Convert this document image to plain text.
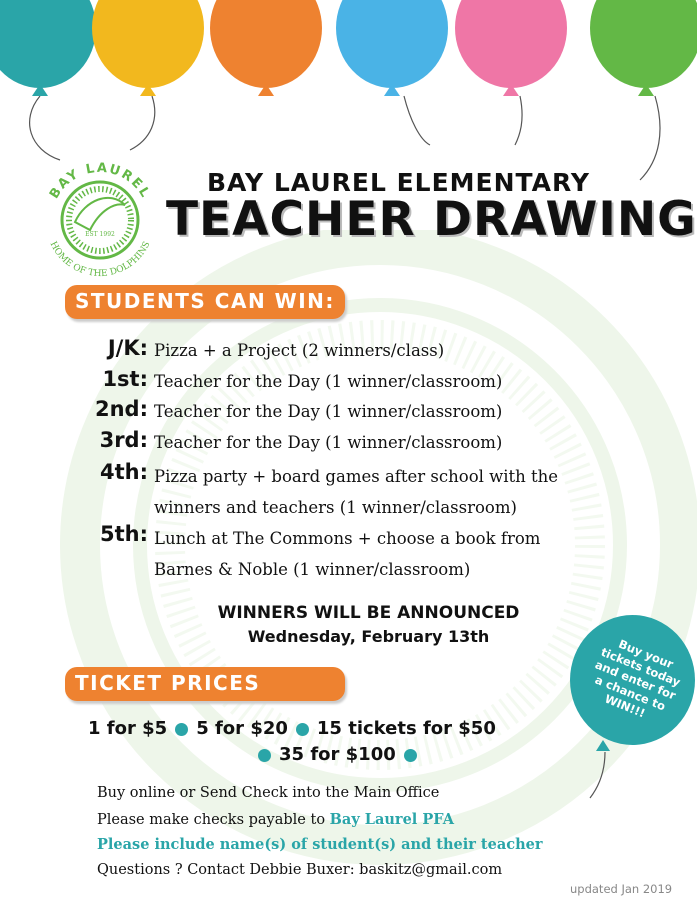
EST 1992
BAY LAUREL
HOME OF THE DOLPHINS
BAY LAUREL ELEMENTARY
TEACHER DRAWING
STUDENTS CAN WIN:
J/K: Pizza + a Project (2 winners/class)
1st: Teacher for the Day (1 winner/classroom)
2nd: Teacher for the Day (1 winner/classroom)
3rd: Teacher for the Day (1 winner/classroom)
4th: Pizza party + board games after school with the winners and teachers (1 winner/classroom)
5th: Lunch at The Commons + choose a book from Barnes & Noble (1 winner/classroom)
WINNERS WILL BE ANNOUNCED
Wednesday, February 13th
TICKET PRICES
1 for $5 5 for $20 15 tickets for $50
35 for $100
Buy your tickets today and enter for a chance to WIN!!!
Buy online or Send Check into the Main Office
Please make checks payable to Bay Laurel PFA
Please include name(s) of student(s) and their teacher
Questions ? Contact Debbie Buxer: baskitz@gmail.com
updated Jan 2019
